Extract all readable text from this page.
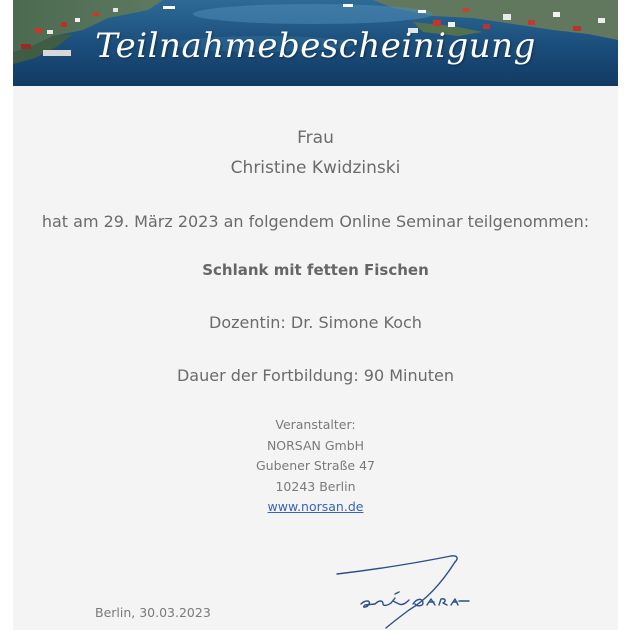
Teilnahmebescheinigung
Frau
Christine Kwidzinski
hat am 29. März 2023 an folgendem Online Seminar teilgenommen:
Schlank mit fetten Fischen
Dozentin: Dr. Simone Koch
Dauer der Fortbildung: 90 Minuten
Veranstalter:
NORSAN GmbH
Gubener Straße 47
10243 Berlin
www.norsan.de
Berlin, 30.03.2023
